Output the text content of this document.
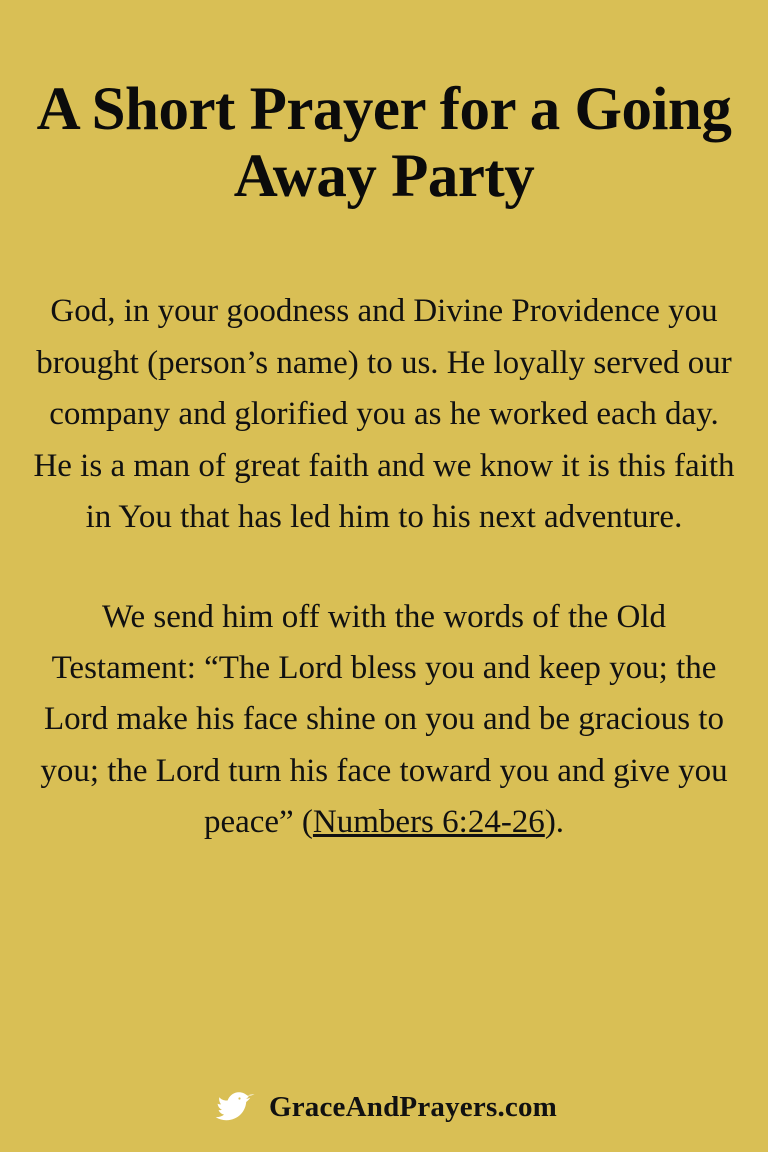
A Short Prayer for a Going Away Party
God, in your goodness and Divine Providence you brought (person’s name) to us. He loyally served our company and glorified you as he worked each day. He is a man of great faith and we know it is this faith in You that has led him to his next adventure.
We send him off with the words of the Old Testament: “The Lord bless you and keep you; the Lord make his face shine on you and be gracious to you; the Lord turn his face toward you and give you peace” (Numbers 6:24-26).
GraceAndPrayers.com
